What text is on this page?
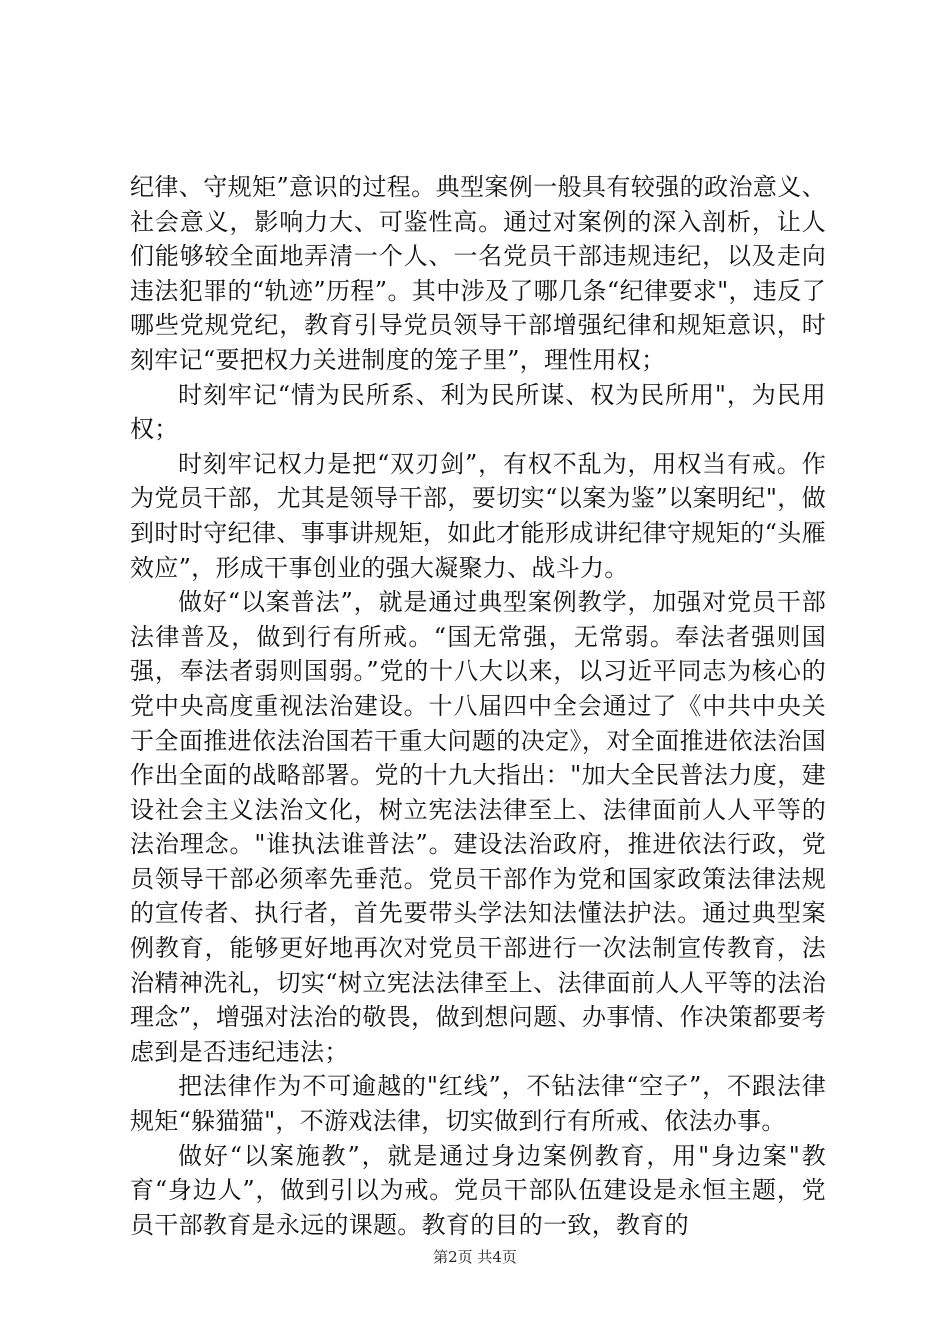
纪律、守规矩”意识的过程。典型案例一般具有较强的政治意义、社会意义，影响力大、可鉴性高。通过对案例的深入剖析，让人们能够较全面地弄清一个人、一名党员干部违规违纪，以及走向违法犯罪的“轨迹”历程”。其中涉及了哪几条“纪律要求"，违反了哪些党规党纪，教育引导党员领导干部增强纪律和规矩意识，时刻牢记“要把权力关进制度的笼子里”，理性用权；

时刻牢记“情为民所系、利为民所谋、权为民所用"，为民用权；

时刻牢记权力是把“双刃剑”，有权不乱为，用权当有戒。作为党员干部，尤其是领导干部，要切实“以案为鉴”以案明纪"，做到时时守纪律、事事讲规矩，如此才能形成讲纪律守规矩的“头雁效应”，形成干事创业的强大凝聚力、战斗力。

做好“以案普法”，就是通过典型案例教学，加强对党员干部法律普及，做到行有所戒。“国无常强，无常弱。奉法者强则国强，奉法者弱则国弱。”党的十八大以来，以习近平同志为核心的党中央高度重视法治建设。十八届四中全会通过了《中共中央关于全面推进依法治国若干重大问题的决定》，对全面推进依法治国作出全面的战略部署。党的十九大指出："加大全民普法力度，建设社会主义法治文化，树立宪法法律至上、法律面前人人平等的法治理念。"谁执法谁普法”。建设法治政府，推进依法行政，党员领导干部必须率先垂范。党员干部作为党和国家政策法律法规的宣传者、执行者，首先要带头学法知法懂法护法。通过典型案例教育，能够更好地再次对党员干部进行一次法制宣传教育，法治精神洗礼，切实“树立宪法法律至上、法律面前人人平等的法治理念”，增强对法治的敬畏，做到想问题、办事情、作决策都要考虑到是否违纪违法；

把法律作为不可逾越的"红线”，不钻法律“空子”，不跟法律规矩“躲猫猫"，不游戏法律，切实做到行有所戒、依法办事。

做好“以案施教”，就是通过身边案例教育，用"身边案"教育“身边人”，做到引以为戒。党员干部队伍建设是永恒主题，党员干部教育是永远的课题。教育的目的一致，教育的

第2页 共4页
